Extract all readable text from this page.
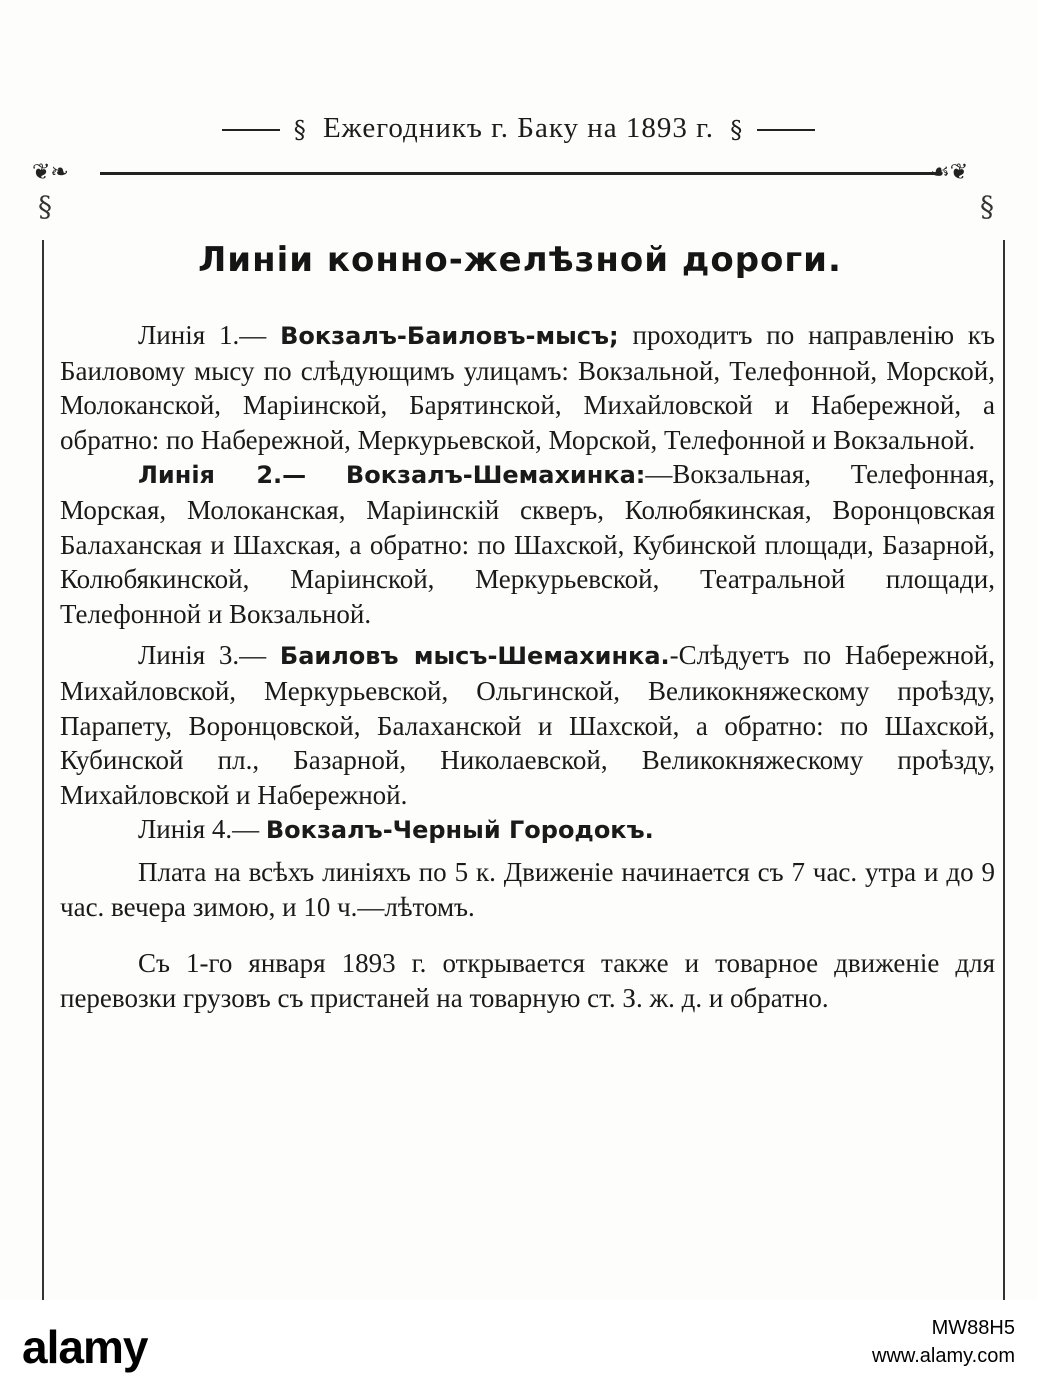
§ Ежегодникъ г. Баку на 1893 г. §
❦❧	☙❦
§	§
Линіи конно-желѣзной дороги.

Линія 1.— Вокзалъ-Баиловъ-мысъ; проходитъ по направленію къ Баиловому мысу по слѣдующимъ улицамъ: Вокзальной, Телефонной, Морской, Молоканской, Маріинской, Барятинской, Михайловской и Набережной, а обратно: по Набережной, Меркурьевской, Морской, Телефонной и Вокзальной.

Линія 2.— Вокзалъ-Шемахинка:—Вокзальная, Телефонная, Морская, Молоканская, Маріинскій скверъ, Колюбякинская, Воронцовская Балаханская и Шахская, а обратно: по Шахской, Кубинской площади, Базарной, Колюбякинской, Маріинской, Меркурьевской, Театральной площади, Телефонной и Вокзальной.

Линія 3.— Баиловъ мысъ-Шемахинка.-Слѣдуетъ по Набережной, Михайловской, Меркурьевской, Ольгинской, Великокняжескому проѣзду, Парапету, Воронцовской, Балаханской и Шахской, а обратно: по Шахской, Кубинской пл., Базарной, Николаевской, Великокняжескому проѣзду, Михайловской и Набережной.

Линія 4.— Вокзалъ-Черный Городокъ.

Плата на всѣхъ линіяхъ по 5 к. Движеніе начинается съ 7 час. утра и до 9 час. вечера зимою, и 10 ч.—лѣтомъ.

Съ 1-го января 1893 г. открывается также и товарное движеніе для перевозки грузовъ съ пристаней на товарную ст. З. ж. д. и обратно.

alamy	MW88H5
www.alamy.com
